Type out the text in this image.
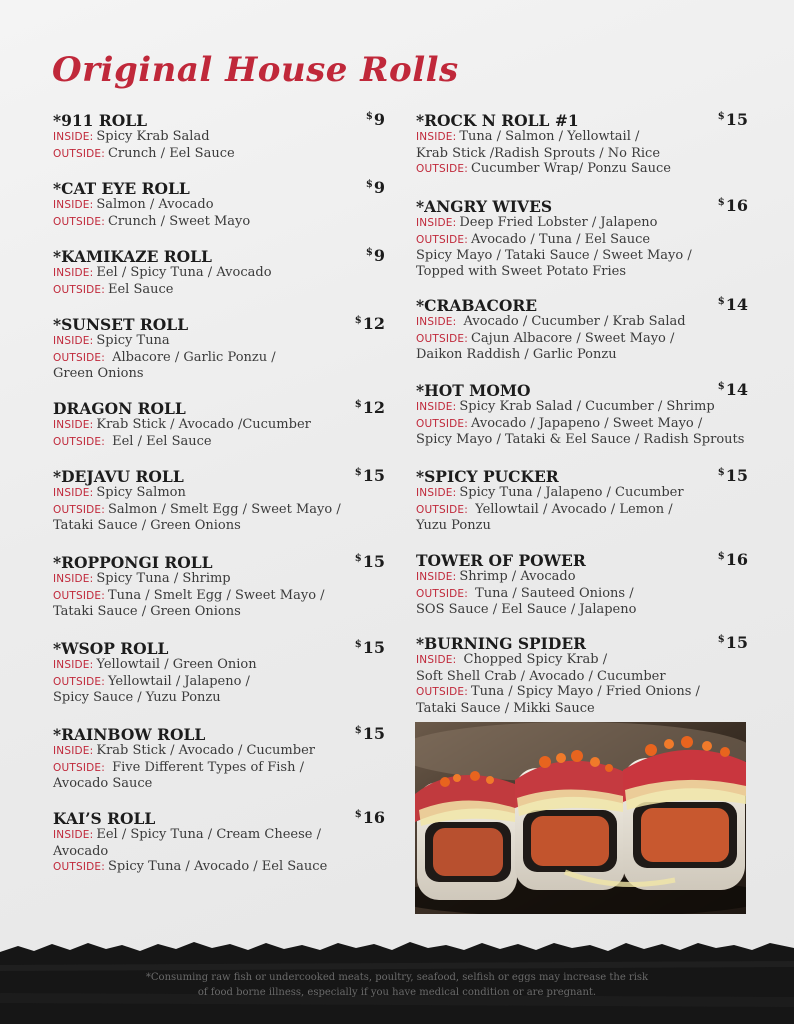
Original House Rolls
*911 ROLL	$9
INSIDE: Spicy Krab Salad
OUTSIDE: Crunch / Eel Sauce
*CAT EYE ROLL	$9
INSIDE: Salmon / Avocado
OUTSIDE: Crunch / Sweet Mayo
*KAMIKAZE ROLL	$9
INSIDE: Eel / Spicy Tuna / Avocado
OUTSIDE: Eel Sauce
*SUNSET ROLL	$12
INSIDE: Spicy Tuna
OUTSIDE: Albacore / Garlic Ponzu /
Green Onions
DRAGON ROLL	$12
INSIDE: Krab Stick / Avocado /Cucumber
OUTSIDE: Eel / Eel Sauce
*DEJAVU ROLL	$15
INSIDE: Spicy Salmon
OUTSIDE: Salmon / Smelt Egg / Sweet Mayo /
Tataki Sauce / Green Onions
*ROPPONGI ROLL	$15
INSIDE: Spicy Tuna / Shrimp
OUTSIDE: Tuna / Smelt Egg / Sweet Mayo /
Tataki Sauce / Green Onions
*WSOP ROLL	$15
INSIDE: Yellowtail / Green Onion
OUTSIDE: Yellowtail / Jalapeno /
Spicy Sauce / Yuzu Ponzu
*RAINBOW ROLL	$15
INSIDE: Krab Stick / Avocado / Cucumber
OUTSIDE: Five Different Types of Fish /
Avocado Sauce
KAI’S ROLL	$16
INSIDE: Eel / Spicy Tuna / Cream Cheese /
Avocado
OUTSIDE: Spicy Tuna / Avocado / Eel Sauce
*ROCK N ROLL #1	$15
INSIDE: Tuna / Salmon / Yellowtail /
Krab Stick /Radish Sprouts / No Rice
OUTSIDE: Cucumber Wrap/ Ponzu Sauce
*ANGRY WIVES	$16
INSIDE: Deep Fried Lobster / Jalapeno
OUTSIDE: Avocado / Tuna / Eel Sauce
Spicy Mayo / Tataki Sauce / Sweet Mayo /
Topped with Sweet Potato Fries
*CRABACORE	$14
INSIDE: Avocado / Cucumber / Krab Salad
OUTSIDE: Cajun Albacore / Sweet Mayo /
Daikon Raddish / Garlic Ponzu
*HOT MOMO	$14
INSIDE: Spicy Krab Salad / Cucumber / Shrimp
OUTSIDE: Avocado / Japapeno / Sweet Mayo /
Spicy Mayo / Tataki & Eel Sauce / Radish Sprouts
*SPICY PUCKER	$15
INSIDE: Spicy Tuna / Jalapeno / Cucumber
OUTSIDE: Yellowtail / Avocado / Lemon /
Yuzu Ponzu
TOWER OF POWER	$16
INSIDE: Shrimp / Avocado
OUTSIDE: Tuna / Sauteed Onions /
SOS Sauce / Eel Sauce / Jalapeno
*BURNING SPIDER	$15
INSIDE: Chopped Spicy Krab /
Soft Shell Crab / Avocado / Cucumber
OUTSIDE: Tuna / Spicy Mayo / Fried Onions /
Tataki Sauce / Mikki Sauce
*Consuming raw fish or undercooked meats, poultry, seafood, selfish or eggs may increase the risk
of food borne illness, especially if you have medical condition or are pregnant.
